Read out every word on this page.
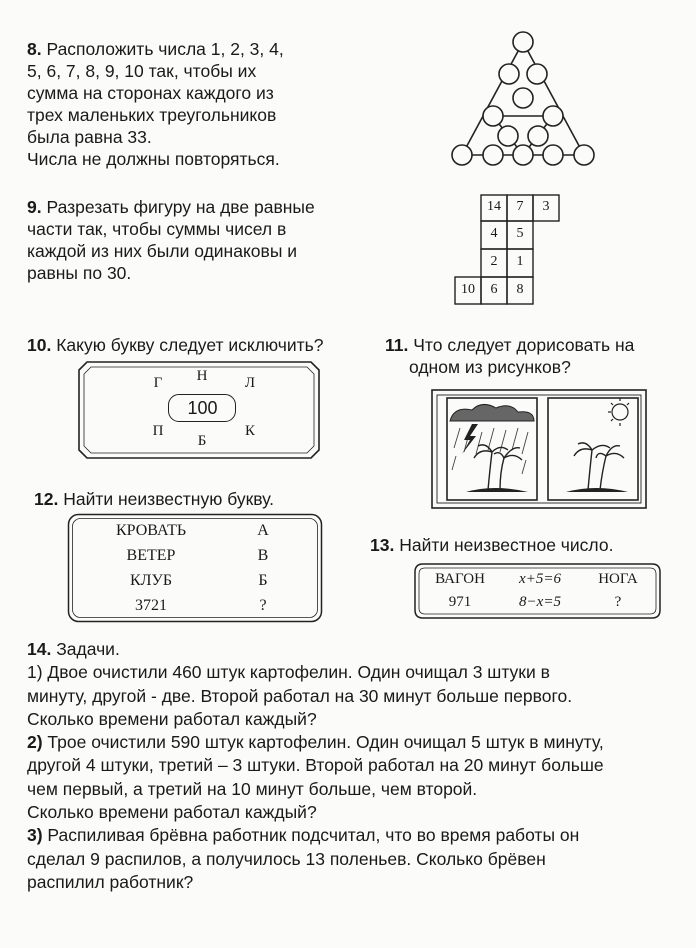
8. Расположить числа 1, 2, 3, 4,
5, 6, 7, 8, 9, 10 так, чтобы их
сумма на сторонах каждого из
трех маленьких треугольников
была равна 33.
Числа не должны повторяться.
9. Разрезать фигуру на две равные
части так, чтобы суммы чисел в
каждой из них были одинаковы и
равны по 30.
14	7	3
4	5
2	1
10	6	8
10. Какую букву следует исключить?
Н
Г	Л
П	К
Б
100
11. Что следует дорисовать на
одном из рисунков?
12. Найти неизвестную букву.
КРОВАТЬ	А
ВЕТЕР	В
КЛУБ	Б
3721	?
13. Найти неизвестное число.
ВАГОН	x+5=6	НОГА
971	8−x=5	?
14. Задачи.
1) Двое очистили 460 штук картофелин. Один очищал 3 штуки в
минуту, другой - две. Второй работал на 30 минут больше первого.
Сколько времени работал каждый?
2) Трое очистили 590 штук картофелин. Один очищал 5 штук в минуту,
другой 4 штуки, третий – 3 штуки. Второй работал на 20 минут больше
чем первый, а третий на 10 минут больше, чем второй.
Сколько времени работал каждый?
3) Распиливая брёвна работник подсчитал, что во время работы он
сделал 9 распилов, а получилось 13 поленьев. Сколько брёвен
распилил работник?
